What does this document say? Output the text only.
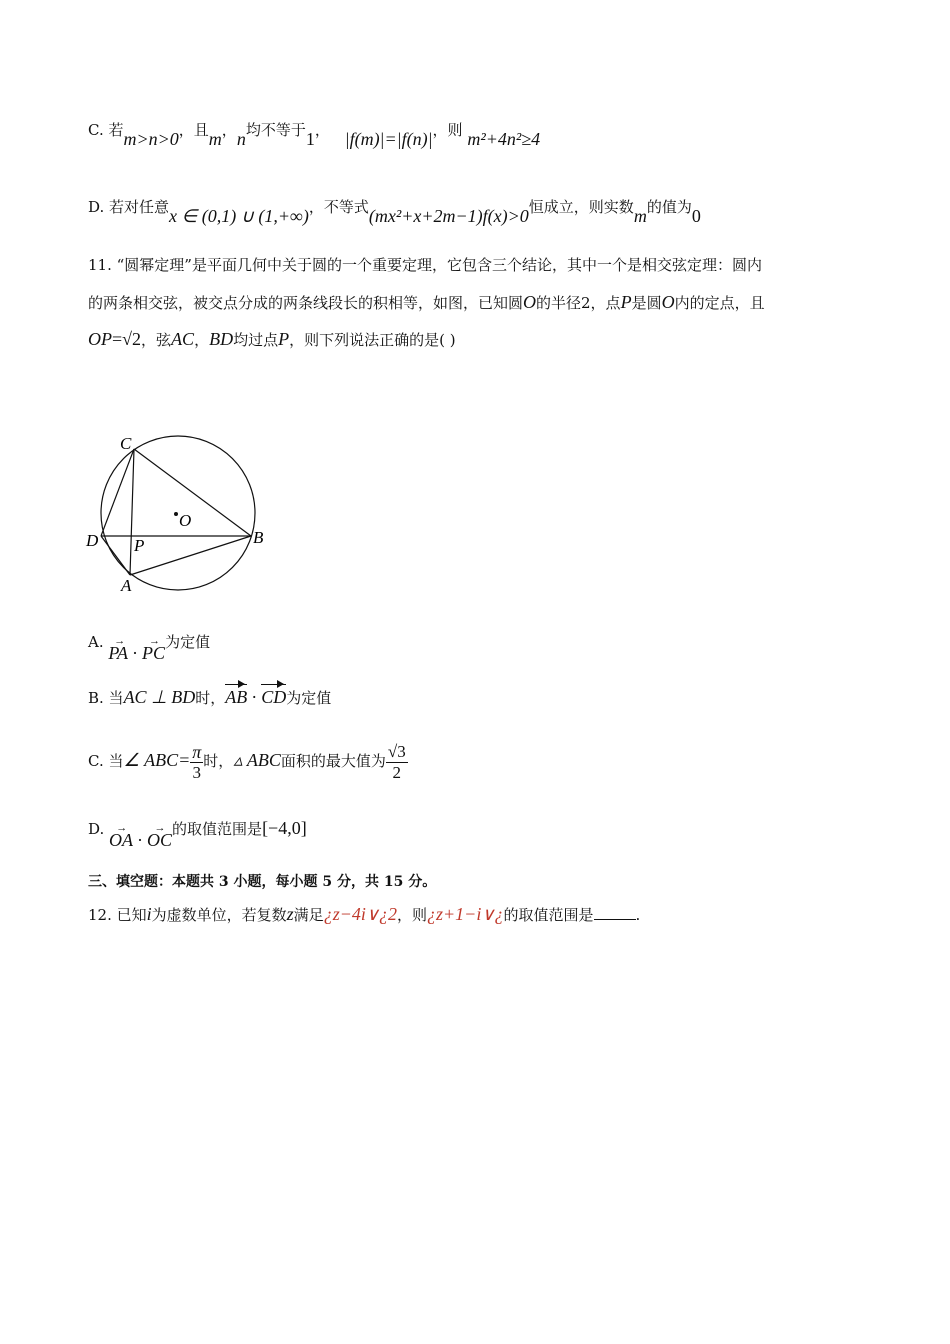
C. 若m>n>0，且m，n均不等于1， |f(m)|=|f(n)|，则 m²+4n²≥4
D. 若对任意x ∈ (0,1) ∪ (1,+∞)，不等式(mx²+x+2m−1)f(x)>0恒成立，则实数m的值为0
11. “圆幂定理”是平面几何中关于圆的一个重要定理，它包含三个结论，其中一个是相交弦定理：圆内
的两条相交弦，被交点分成的两条线段长的积相等，如图，已知圆O的半径2，点P是圆O内的定点，且
OP=√2，弦AC，BD均过点P，则下列说法正确的是( )
C
O
D P	B
A
A. → PA · → PC为定值
B. 当AC ⊥ BD时，AB · CD为定值
C. 当∠ $ABC= \frac{\pi}{3}$ 时，▵ ABC面积的最大值为 $\frac{√3}{2}$
D. → OA · → OC的取值范围是[−4,0]
三、填空题：本题共 3 小题，每小题 5 分，共 15 分。
12. 已知i为虚数单位，若复数z满足¿z−4i∨¿2，则¿z+1−i∨¿的取值范围是	.
